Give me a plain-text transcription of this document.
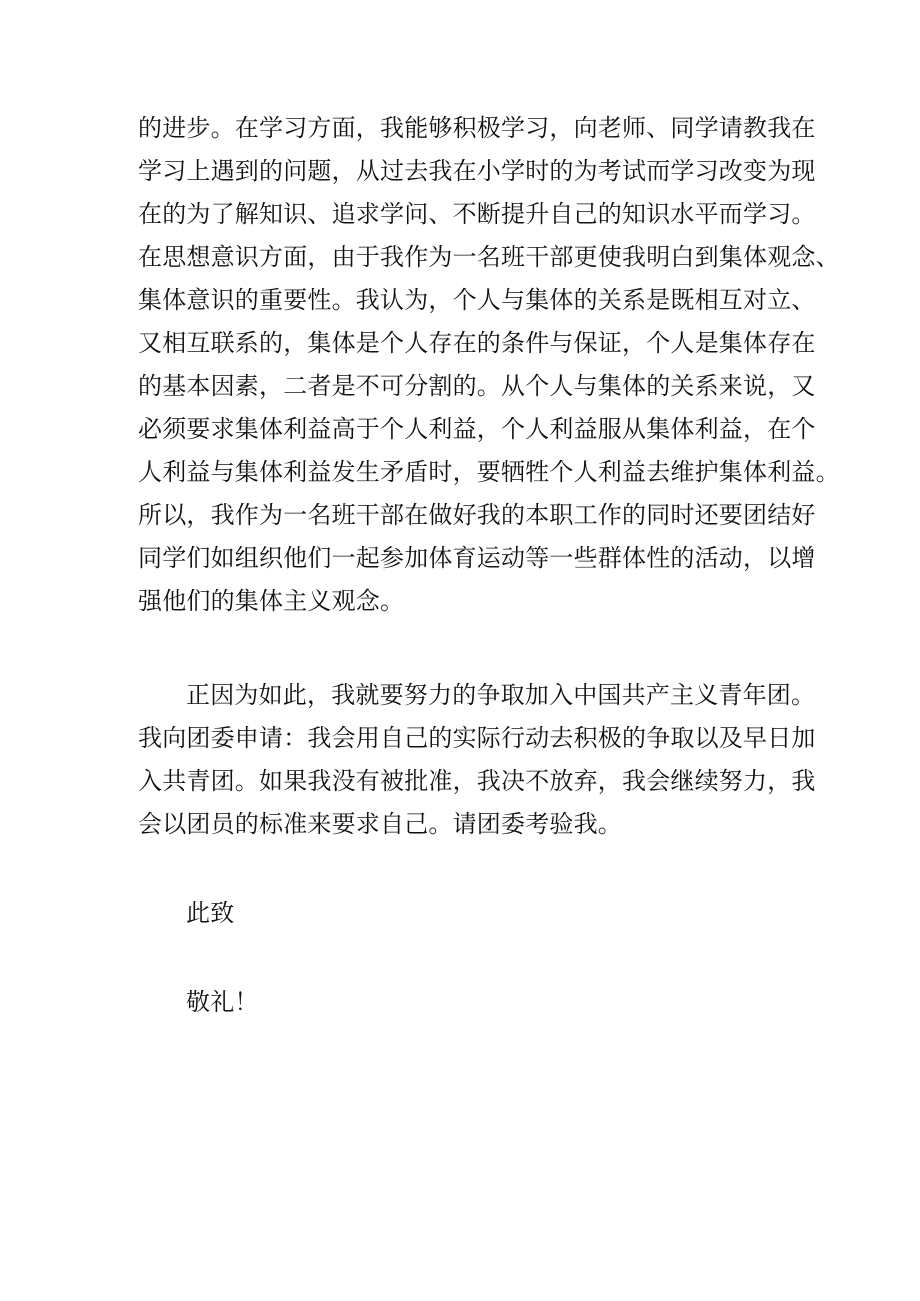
的进步。在学习方面，我能够积极学习，向老师、同学请教我在
学习上遇到的问题，从过去我在小学时的为考试而学习改变为现
在的为了解知识、追求学问、不断提升自己的知识水平而学习。
在思想意识方面，由于我作为一名班干部更使我明白到集体观念、
集体意识的重要性。我认为，个人与集体的关系是既相互对立、
又相互联系的，集体是个人存在的条件与保证，个人是集体存在
的基本因素，二者是不可分割的。从个人与集体的关系来说，又
必须要求集体利益高于个人利益，个人利益服从集体利益，在个
人利益与集体利益发生矛盾时，要牺牲个人利益去维护集体利益。
所以，我作为一名班干部在做好我的本职工作的同时还要团结好
同学们如组织他们一起参加体育运动等一些群体性的活动，以增
强他们的集体主义观念。
正因为如此，我就要努力的争取加入中国共产主义青年团。
我向团委申请：我会用自己的实际行动去积极的争取以及早日加
入共青团。如果我没有被批准，我决不放弃，我会继续努力，我
会以团员的标准来要求自己。请团委考验我。
此致
敬礼！
